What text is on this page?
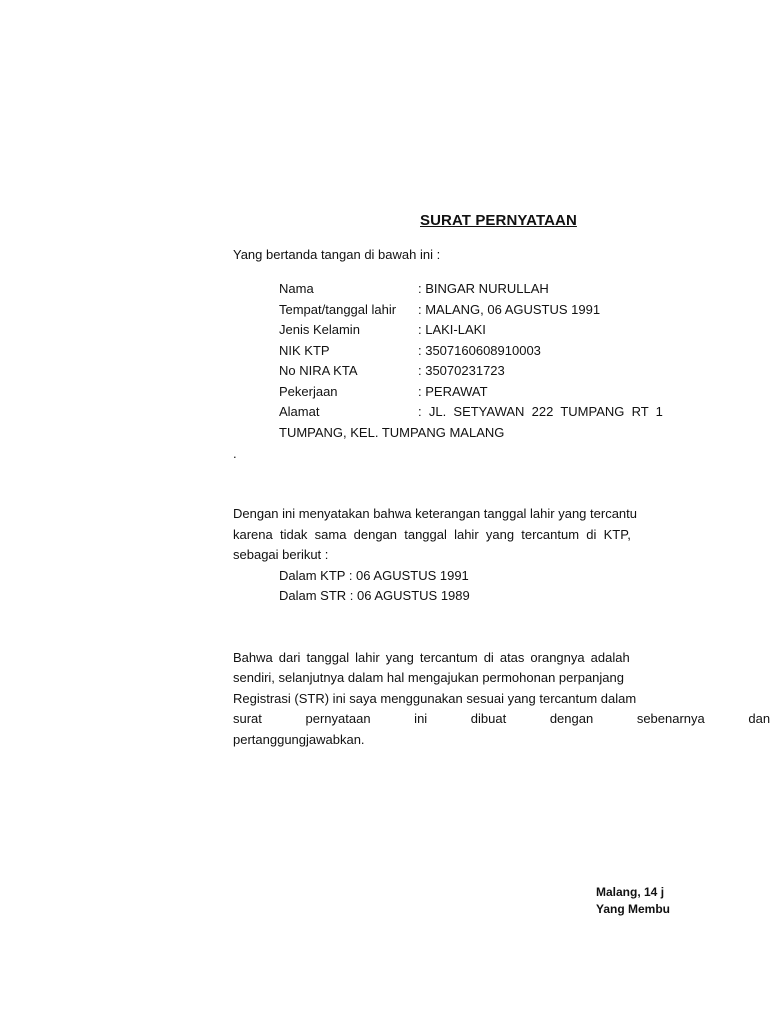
SURAT PERNYATAAN
Yang bertanda tangan di bawah ini :
Nama	: BINGAR NURULLAH
Tempat/tanggal lahir : MALANG, 06 AGUSTUS 1991
Jenis Kelamin	: LAKI-LAKI
NIK KTP	: 3507160608910003
No NIRA KTA	: 35070231723
Pekerjaan	: PERAWAT
Alamat	:  JL.  SETYAWAN  222  TUMPANG  RT  1
TUMPANG, KEL. TUMPANG MALANG
.
Dengan ini menyatakan bahwa keterangan tanggal lahir yang tercantu
karena tidak sama dengan tanggal lahir yang tercantum di KTP,
sebagai berikut :
Dalam KTP : 06 AGUSTUS 1991
Dalam STR : 06 AGUSTUS 1989
Bahwa dari tanggal lahir yang tercantum di atas orangnya adalah
sendiri, selanjutnya dalam hal mengajukan permohonan perpanjang
Registrasi (STR) ini saya menggunakan sesuai yang tercantum dalam
surat pernyataan ini dibuat dengan sebenarnya dan
pertanggungjawabkan.
Malang, 14 j
Yang Membu
